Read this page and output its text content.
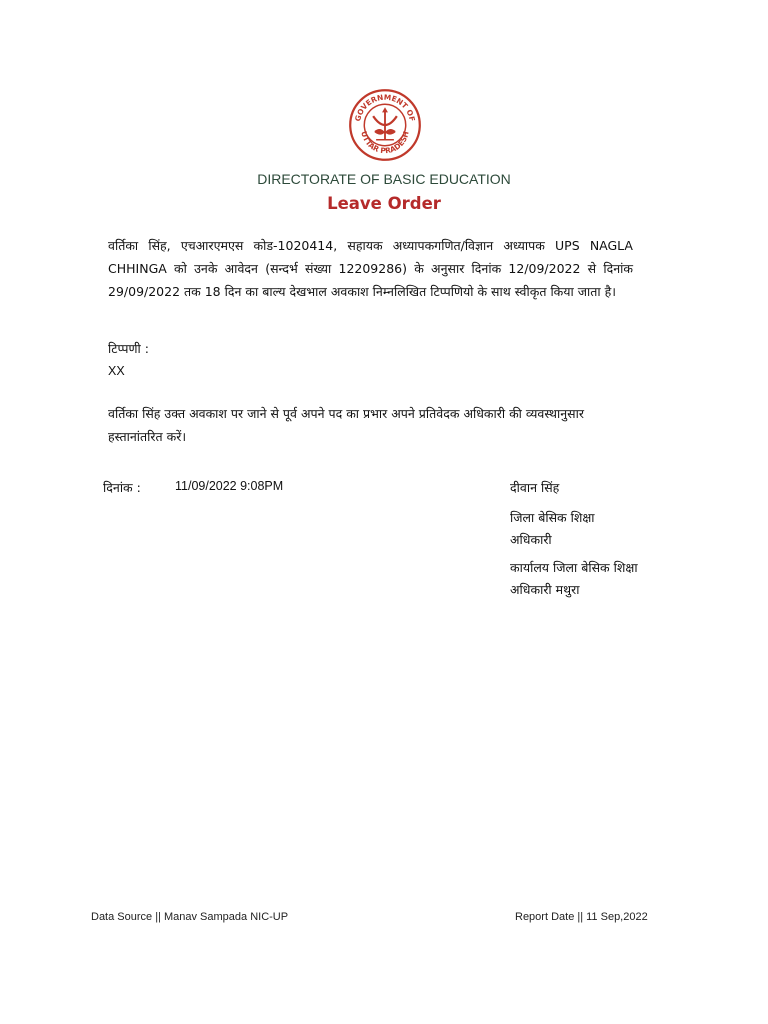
GOVERNMENT OF
UTTAR PRADESH
DIRECTORATE OF BASIC EDUCATION
Leave Order
वर्तिका सिंह, एचआरएमएस कोड-1020414, सहायक अध्यापकगणित/विज्ञान अध्यापक UPS NAGLA CHHINGA को उनके आवेदन (सन्दर्भ संख्या 12209286) के अनुसार दिनांक 12/09/2022 से दिनांक 29/09/2022 तक 18 दिन का बाल्य देखभाल अवकाश निम्नलिखित टिप्पणियो के साथ स्वीकृत किया जाता है।
टिप्पणी :
XX
वर्तिका सिंह उक्त अवकाश पर जाने से पूर्व अपने पद का प्रभार अपने प्रतिवेदक अधिकारी की व्यवस्थानुसार हस्तानांतरित करें।
दिनांक :	11/09/2022 9:08PM	दीवान सिंह
जिला बेसिक शिक्षा अधिकारी
कार्यालय जिला बेसिक शिक्षा अधिकारी मथुरा
Data Source || Manav Sampada NIC-UP	Report Date || 11 Sep,2022
